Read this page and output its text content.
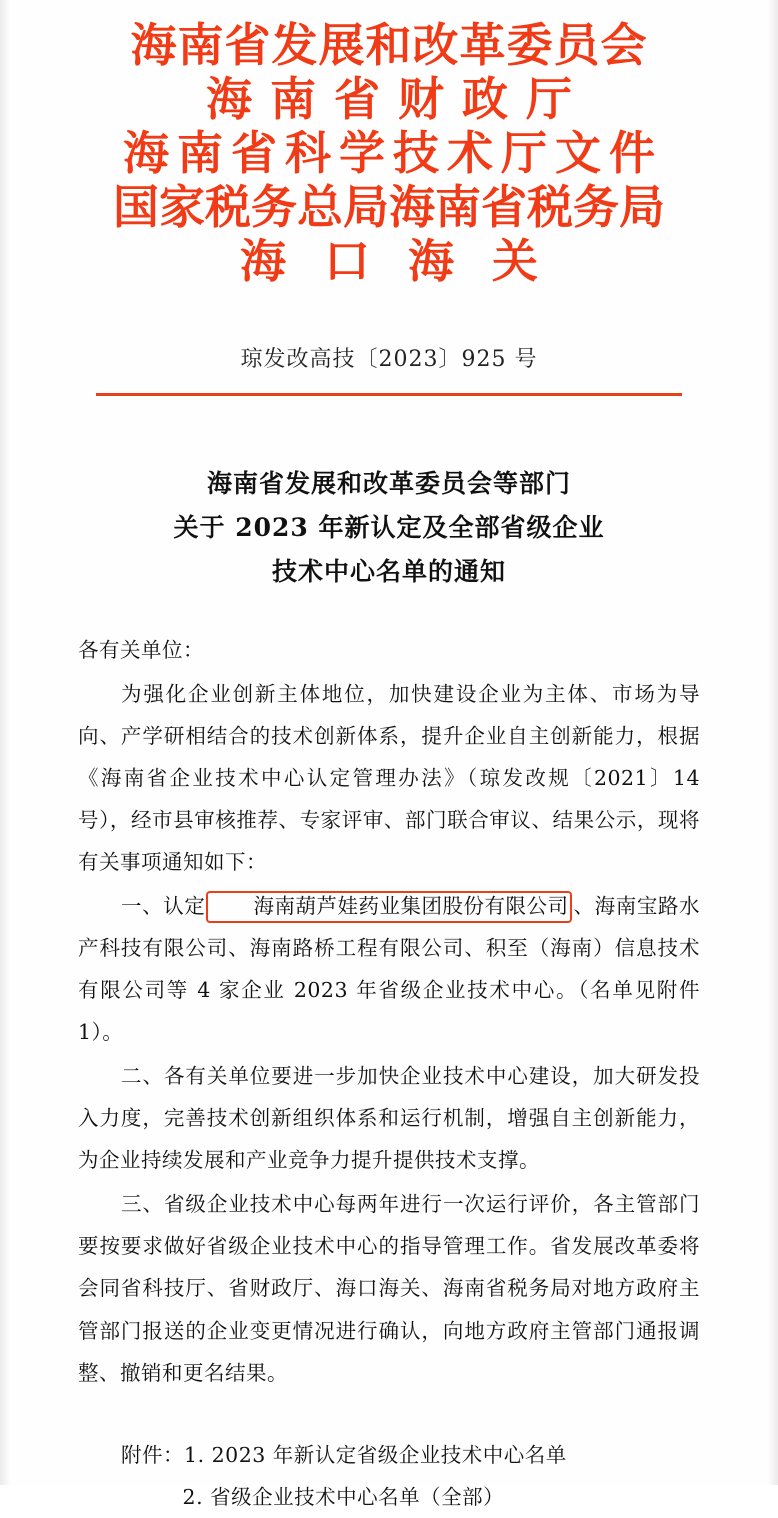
海南省发展和改革委员会
海南省财政厅
海南省科学技术厅文件
国家税务总局海南省税务局
海口海关
琼发改高技〔2023〕925 号
海南省发展和改革委员会等部门
关于 2023 年新认定及全部省级企业
技术中心名单的通知

各有关单位：

为强化企业创新主体地位，加快建设企业为主体、市场为导向、产学研相结合的技术创新体系，提升企业自主创新能力，根据《海南省企业技术中心认定管理办法》（琼发改规〔2021〕14 号），经市县审核推荐、专家评审、部门联合审议、结果公示，现将有关事项通知如下：

一、认定 海南葫芦娃药业集团股份有限公司 、海南宝路水产科技有限公司、海南路桥工程有限公司、积至（海南）信息技术有限公司等 4 家企业 2023 年省级企业技术中心。（名单见附件 1）。

二、各有关单位要进一步加快企业技术中心建设，加大研发投入力度，完善技术创新组织体系和运行机制，增强自主创新能力，为企业持续发展和产业竞争力提升提供技术支撑。

三、省级企业技术中心每两年进行一次运行评价，各主管部门要按要求做好省级企业技术中心的指导管理工作。省发展改革委将会同省科技厅、省财政厅、海口海关、海南省税务局对地方政府主管部门报送的企业变更情况进行确认，向地方政府主管部门通报调整、撤销和更名结果。

附件：1. 2023 年新认定省级企业技术中心名单
2. 省级企业技术中心名单（全部）
